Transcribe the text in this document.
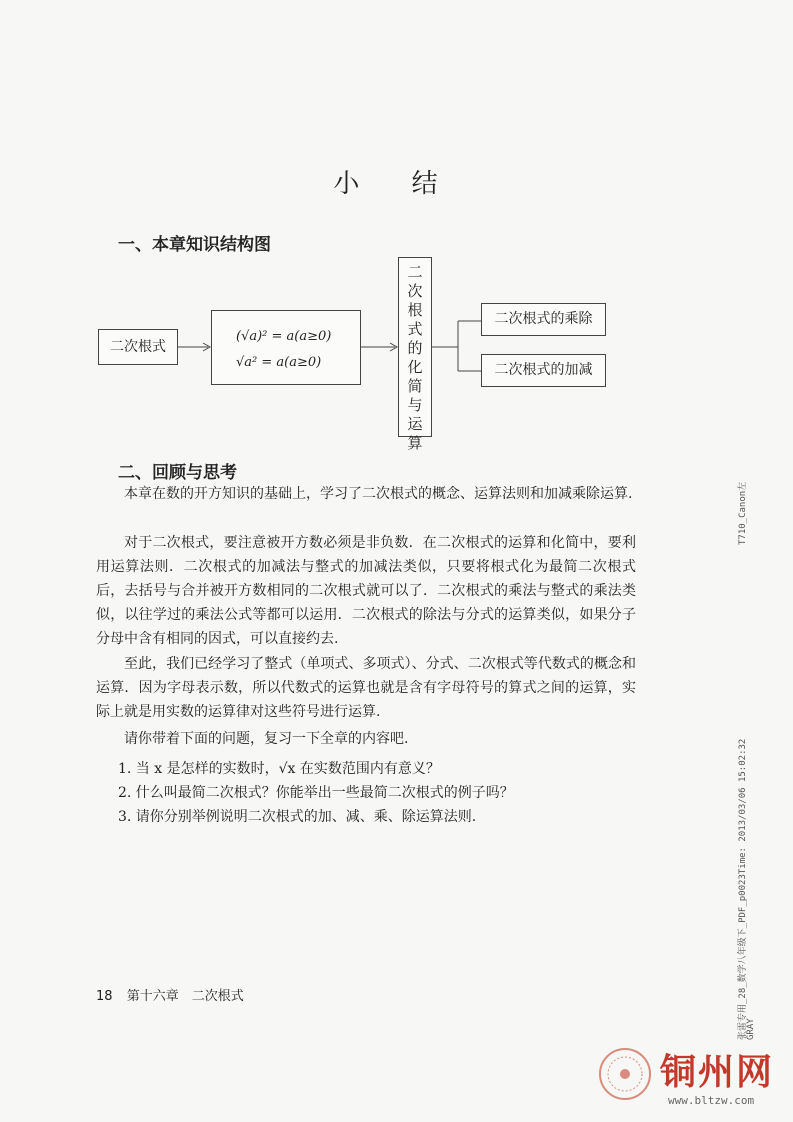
小 结
一、本章知识结构图
二次根式
(√a)² = a(a≥0)
√a² = a(a≥0)
二次根式的化简与运算
二次根式的乘除
二次根式的加减
二、回顾与思考
本章在数的开方知识的基础上，学习了二次根式的概念、运算法则和加减乘除运算.
对于二次根式，要注意被开方数必须是非负数．在二次根式的运算和化简中，要利用运算法则．二次根式的加减法与整式的加减法类似，只要将根式化为最简二次根式后，去括号与合并被开方数相同的二次根式就可以了．二次根式的乘法与整式的乘法类似，以往学过的乘法公式等都可以运用．二次根式的除法与分式的运算类似，如果分子分母中含有相同的因式，可以直接约去.
至此，我们已经学习了整式（单项式、多项式）、分式、二次根式等代数式的概念和运算．因为字母表示数，所以代数式的运算也就是含有字母符号的算式之间的运算，实际上就是用实数的运算律对这些符号进行运算.
请你带着下面的问题，复习一下全章的内容吧.
1. 当 x 是怎样的实数时，√x 在实数范围内有意义？
2. 什么叫最简二次根式？你能举出一些最简二次根式的例子吗？
3. 请你分别举例说明二次根式的加、减、乘、除运算法则.
18 第十六章　二次根式
T710_Canon左
张雷专用_28_数学八年级下_PDF_p0023Time: 2013/03/06 15:02:32
GRAY
铜州网
www.bltzw.com
